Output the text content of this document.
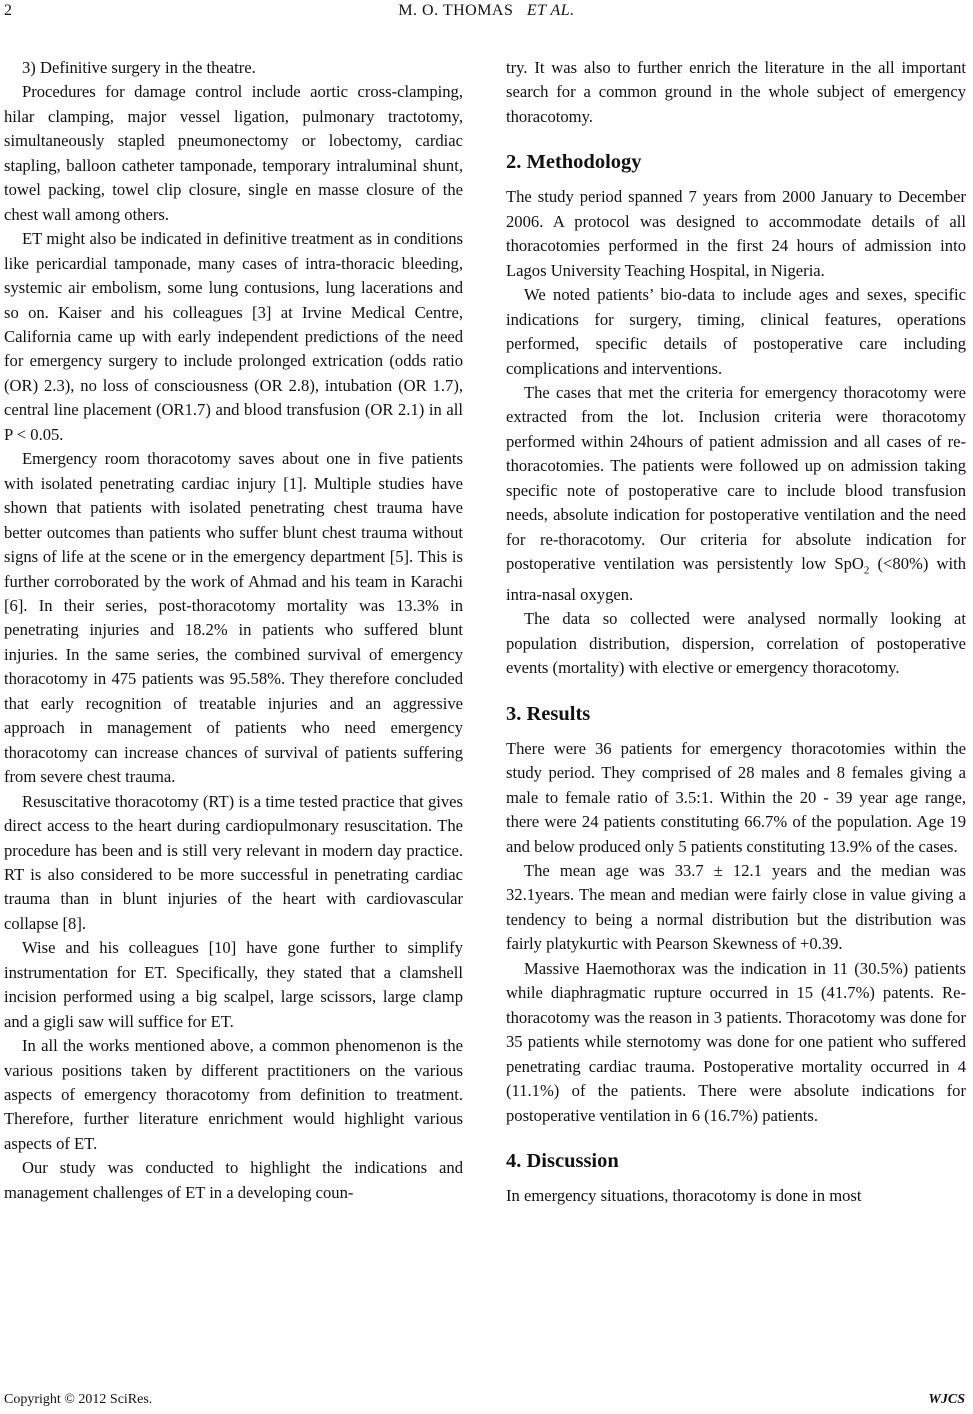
2	M. O. THOMAS ET AL.

3) Definitive surgery in the theatre.

Procedures for damage control include aortic cross-clamping, hilar clamping, major vessel ligation, pulmonary tractotomy, simultaneously stapled pneumonectomy or lobectomy, cardiac stapling, balloon catheter tamponade, temporary intraluminal shunt, towel packing, towel clip closure, single en masse closure of the chest wall among others.

ET might also be indicated in definitive treatment as in conditions like pericardial tamponade, many cases of intra-thoracic bleeding, systemic air embolism, some lung contusions, lung lacerations and so on. Kaiser and his colleagues [3] at Irvine Medical Centre, California came up with early independent predictions of the need for emergency surgery to include prolonged extrication (odds ratio (OR) 2.3), no loss of consciousness (OR 2.8), intubation (OR 1.7), central line placement (OR1.7) and blood transfusion (OR 2.1) in all P < 0.05.

Emergency room thoracotomy saves about one in five patients with isolated penetrating cardiac injury [1]. Multiple studies have shown that patients with isolated penetrating chest trauma have better outcomes than patients who suffer blunt chest trauma without signs of life at the scene or in the emergency department [5]. This is further corroborated by the work of Ahmad and his team in Karachi [6]. In their series, post-thoracotomy mortality was 13.3% in penetrating injuries and 18.2% in patients who suffered blunt injuries. In the same series, the combined survival of emergency thoracotomy in 475 patients was 95.58%. They therefore concluded that early recognition of treatable injuries and an aggressive approach in management of patients who need emergency thoracotomy can increase chances of survival of patients suffering from severe chest trauma.

Resuscitative thoracotomy (RT) is a time tested practice that gives direct access to the heart during cardiopulmonary resuscitation. The procedure has been and is still very relevant in modern day practice. RT is also considered to be more successful in penetrating cardiac trauma than in blunt injuries of the heart with cardiovascular collapse [8].

Wise and his colleagues [10] have gone further to simplify instrumentation for ET. Specifically, they stated that a clamshell incision performed using a big scalpel, large scissors, large clamp and a gigli saw will suffice for ET.

In all the works mentioned above, a common phenomenon is the various positions taken by different practitioners on the various aspects of emergency thoracotomy from definition to treatment. Therefore, further literature enrichment would highlight various aspects of ET.

Our study was conducted to highlight the indications and management challenges of ET in a developing coun-

try. It was also to further enrich the literature in the all important search for a common ground in the whole subject of emergency thoracotomy.

2. Methodology

The study period spanned 7 years from 2000 January to December 2006. A protocol was designed to accommodate details of all thoracotomies performed in the first 24 hours of admission into Lagos University Teaching Hospital, in Nigeria.

We noted patients’ bio-data to include ages and sexes, specific indications for surgery, timing, clinical features, operations performed, specific details of postoperative care including complications and interventions.

The cases that met the criteria for emergency thoracotomy were extracted from the lot. Inclusion criteria were thoracotomy performed within 24hours of patient admission and all cases of re-thoracotomies. The patients were followed up on admission taking specific note of postoperative care to include blood transfusion needs, absolute indication for postoperative ventilation and the need for re-thoracotomy. Our criteria for absolute indication for postoperative ventilation was persistently low SpO$_2$ (<80%) with intra-nasal oxygen.

The data so collected were analysed normally looking at population distribution, dispersion, correlation of postoperative events (mortality) with elective or emergency thoracotomy.

3. Results

There were 36 patients for emergency thoracotomies within the study period. They comprised of 28 males and 8 females giving a male to female ratio of 3.5:1. Within the 20 - 39 year age range, there were 24 patients constituting 66.7% of the population. Age 19 and below produced only 5 patients constituting 13.9% of the cases.

The mean age was 33.7 ± 12.1 years and the median was 32.1years. The mean and median were fairly close in value giving a tendency to being a normal distribution but the distribution was fairly platykurtic with Pearson Skewness of +0.39.

Massive Haemothorax was the indication in 11 (30.5%) patients while diaphragmatic rupture occurred in 15 (41.7%) patents. Re-thoracotomy was the reason in 3 patients. Thoracotomy was done for 35 patients while sternotomy was done for one patient who suffered penetrating cardiac trauma. Postoperative mortality occurred in 4 (11.1%) of the patients. There were absolute indications for postoperative ventilation in 6 (16.7%) patients.

4. Discussion

In emergency situations, thoracotomy is done in most

Copyright © 2012 SciRes.	WJCS
